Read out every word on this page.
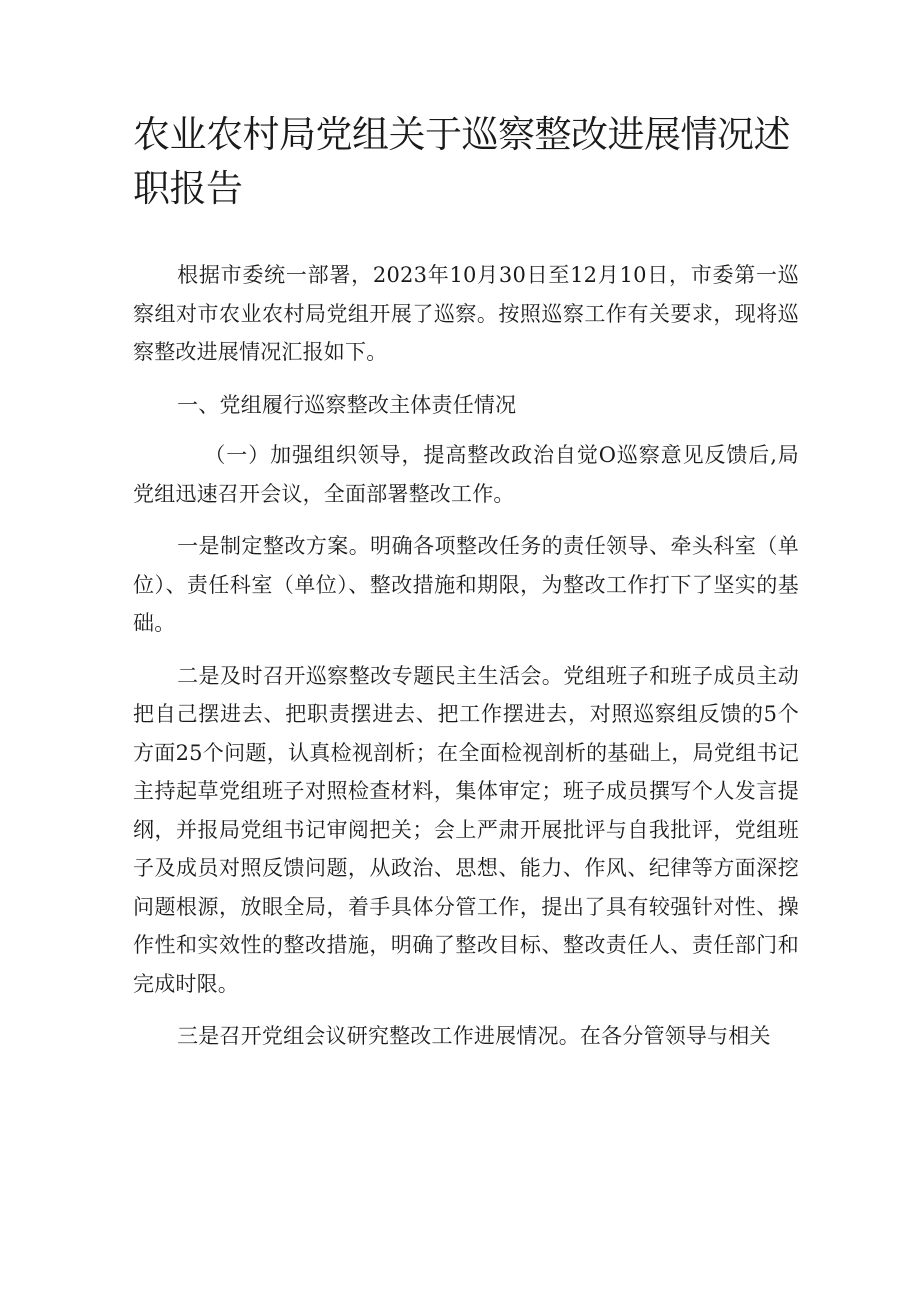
农业农村局党组关于巡察整改进展情况述职报告

根据市委统一部署，2023年10月30日至12月10日，市委第一巡察组对市农业农村局党组开展了巡察。按照巡察工作有关要求，现将巡察整改进展情况汇报如下。

一、党组履行巡察整改主体责任情况

（一）加强组织领导，提高整改政治自觉O巡察意见反馈后,局党组迅速召开会议，全面部署整改工作。

一是制定整改方案。明确各项整改任务的责任领导、牵头科室（单位）、责任科室（单位）、整改措施和期限，为整改工作打下了坚实的基础。

二是及时召开巡察整改专题民主生活会。党组班子和班子成员主动把自己摆进去、把职责摆进去、把工作摆进去，对照巡察组反馈的5个方面25个问题，认真检视剖析；在全面检视剖析的基础上，局党组书记主持起草党组班子对照检查材料，集体审定；班子成员撰写个人发言提纲，并报局党组书记审阅把关；会上严肃开展批评与自我批评，党组班子及成员对照反馈问题，从政治、思想、能力、作风、纪律等方面深挖问题根源，放眼全局，着手具体分管工作，提出了具有较强针对性、操作性和实效性的整改措施，明确了整改目标、整改责任人、责任部门和完成时限。

三是召开党组会议研究整改工作进展情况。在各分管领导与相关
